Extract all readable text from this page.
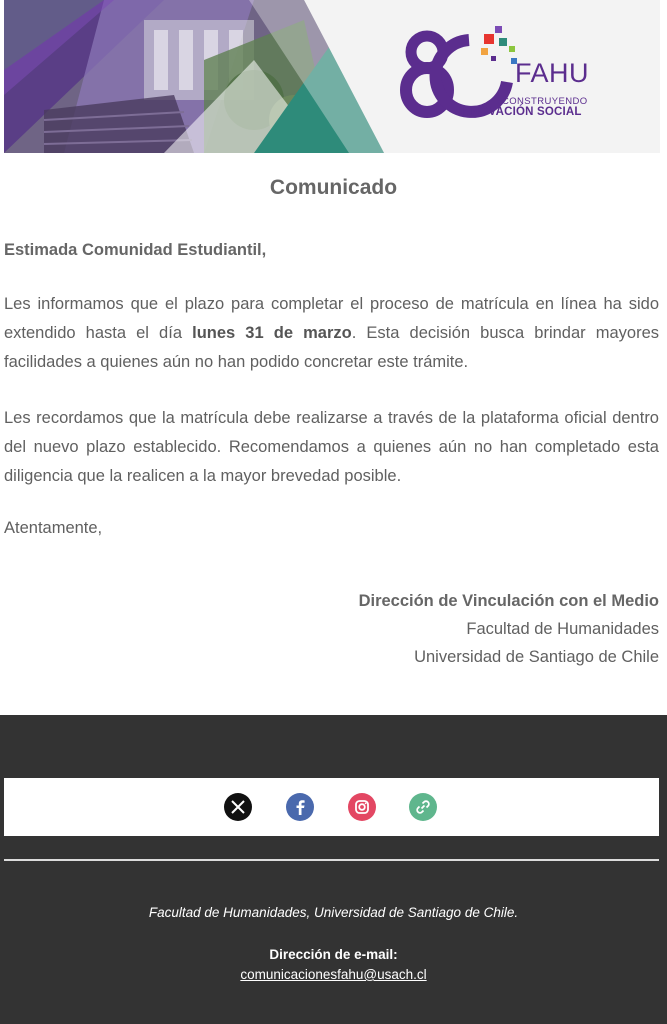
FAHU
CONSTRUYENDO
INNOVACIÓN SOCIAL
Comunicado
Estimada Comunidad Estudiantil,

Les informamos que el plazo para completar el proceso de matrícula en línea ha sido extendido hasta el día lunes 31 de marzo. Esta decisión busca brindar mayores facilidades a quienes aún no han podido concretar este trámite.

Les recordamos que la matrícula debe realizarse a través de la plataforma oficial dentro del nuevo plazo establecido. Recomendamos a quienes aún no han completado esta diligencia que la realicen a la mayor brevedad posible.

Atentamente,
Dirección de Vinculación con el Medio
Facultad de Humanidades
Universidad de Santiago de Chile
Facultad de Humanidades, Universidad de Santiago de Chile.
Dirección de e-mail:
comunicacionesfahu@usach.cl
